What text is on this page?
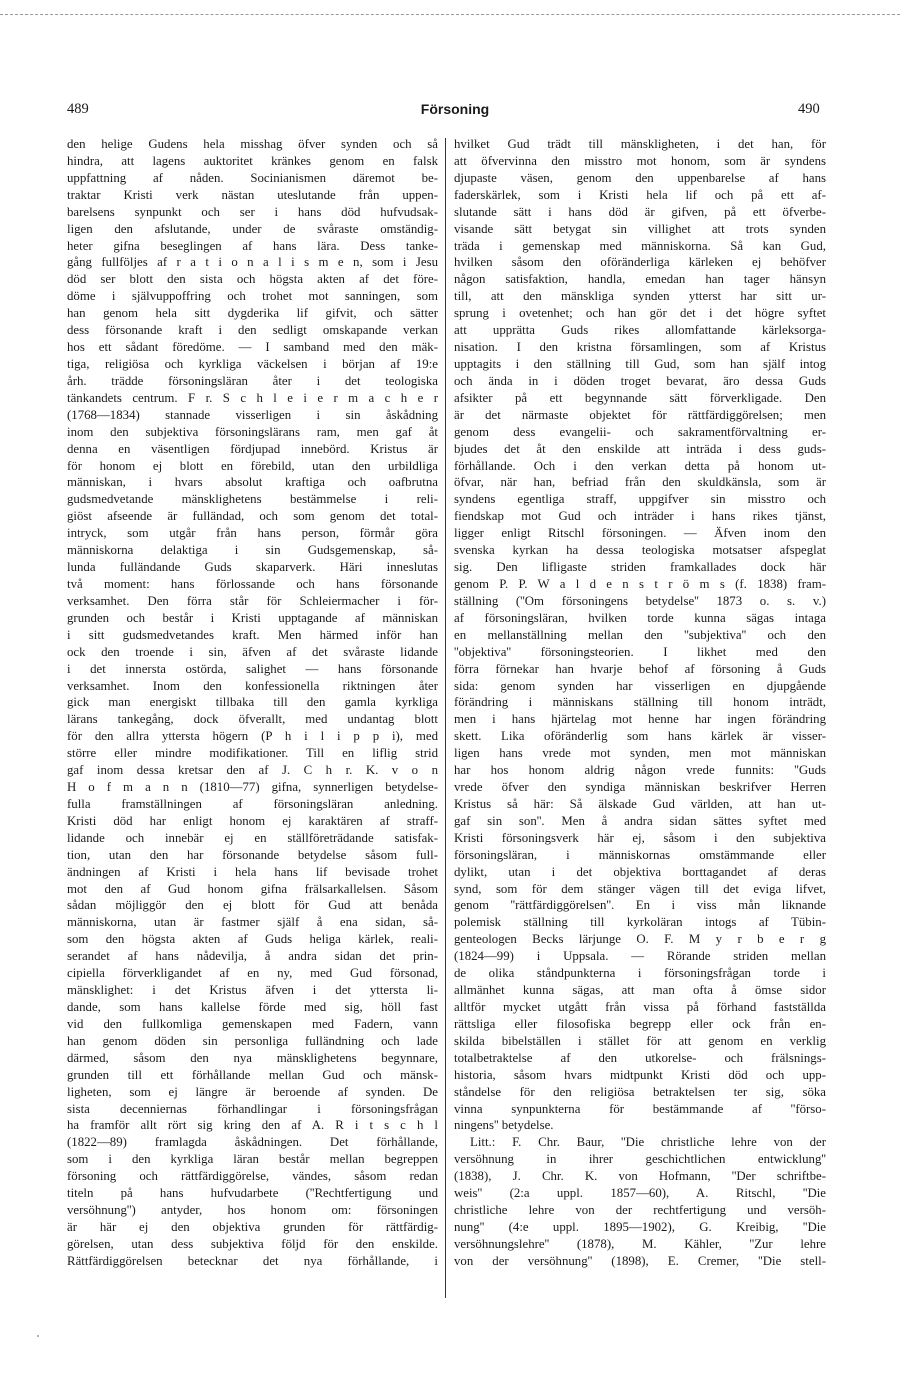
489	Försoning	490
den helige Gudens hela misshag öfver synden och så
hindra, att lagens auktoritet kränkes genom en falsk
uppfattning af nåden. Socinianismen däremot be-
traktar Kristi verk nästan uteslutande från uppen-
barelsens synpunkt och ser i hans död hufvudsak-
ligen den afslutande, under de svåraste omständig-
heter gifna beseglingen af hans lära. Dess tanke-
gång fullföljes af r a t i o n a l i s m e n, som i Jesu
död ser blott den sista och högsta akten af det före-
döme i självuppoffring och trohet mot sanningen, som
han genom hela sitt dygderika lif gifvit, och sätter
dess försonande kraft i den sedligt omskapande verkan
hos ett sådant föredöme. — I samband med den mäk-
tiga, religiösa och kyrkliga väckelsen i början af 19:e
årh. trädde försoningsläran åter i det teologiska
tänkandets centrum. F r. S c h l e i e r m a c h e r
(1768—1834) stannade visserligen i sin åskådning
inom den subjektiva försoningslärans ram, men gaf åt
denna en väsentligen fördjupad innebörd. Kristus är
för honom ej blott en förebild, utan den urbildliga
människan, i hvars absolut kraftiga och oafbrutna
gudsmedvetande mänsklighetens bestämmelse i reli-
giöst afseende är fulländad, och som genom det total-
intryck, som utgår från hans person, förmår göra
människorna delaktiga i sin Gudsgemenskap, så-
lunda fulländande Guds skaparverk. Häri inneslutas
två moment: hans förlossande och hans försonande
verksamhet. Den förra står för Schleiermacher i för-
grunden och består i Kristi upptagande af människan
i sitt gudsmedvetandes kraft. Men härmed inför han
ock den troende i sin, äfven af det svåraste lidande
i det innersta ostörda, salighet — hans försonande
verksamhet. Inom den konfessionella riktningen åter
gick man energiskt tillbaka till den gamla kyrkliga
lärans tankegång, dock öfverallt, med undantag blott
för den allra yttersta högern (P h i l i p p i), med
större eller mindre modifikationer. Till en liflig strid
gaf inom dessa kretsar den af J. C h r. K. v o n
H o f m a n n (1810—77) gifna, synnerligen betydelse-
fulla framställningen af försoningsläran anledning.
Kristi död har enligt honom ej karaktären af straff-
lidande och innebär ej en ställföreträdande satisfak-
tion, utan den har försonande betydelse såsom full-
ändningen af Kristi i hela hans lif bevisade trohet
mot den af Gud honom gifna frälsarkallelsen. Såsom
sådan möjliggör den ej blott för Gud att benåda
människorna, utan är fastmer själf å ena sidan, så-
som den högsta akten af Guds heliga kärlek, reali-
serandet af hans nådevilja, å andra sidan det prin-
cipiella förverkligandet af en ny, med Gud försonad,
mänsklighet: i det Kristus äfven i det yttersta li-
dande, som hans kallelse förde med sig, höll fast
vid den fullkomliga gemenskapen med Fadern, vann
han genom döden sin personliga fulländning och lade
därmed, såsom den nya mänsklighetens begynnare,
grunden till ett förhållande mellan Gud och mänsk-
ligheten, som ej längre är beroende af synden. De
sista decenniernas förhandlingar i försoningsfrågan
ha framför allt rört sig kring den af A. R i t s c h l
(1822—89) framlagda åskådningen. Det förhållande,
som i den kyrkliga läran består mellan begreppen
försoning och rättfärdiggörelse, vändes, såsom redan
titeln på hans hufvudarbete (''Rechtfertigung und
versöhnung'') antyder, hos honom om: försoningen
är här ej den objektiva grunden för rättfärdig-
görelsen, utan dess subjektiva följd för den enskilde.
Rättfärdiggörelsen betecknar det nya förhållande, i
hvilket Gud trädt till mänskligheten, i det han, för
att öfvervinna den misstro mot honom, som är syndens
djupaste väsen, genom den uppenbarelse af hans
faderskärlek, som i Kristi hela lif och på ett af-
slutande sätt i hans död är gifven, på ett öfverbe-
visande sätt betygat sin villighet att trots synden
träda i gemenskap med människorna. Så kan Gud,
hvilken såsom den oföränderliga kärleken ej behöfver
någon satisfaktion, handla, emedan han tager hänsyn
till, att den mänskliga synden ytterst har sitt ur-
sprung i ovetenhet; och han gör det i det högre syftet
att upprätta Guds rikes allomfattande kärleksorga-
nisation. I den kristna församlingen, som af Kristus
upptagits i den ställning till Gud, som han själf intog
och ända in i döden troget bevarat, äro dessa Guds
afsikter på ett begynnande sätt förverkligade. Den
är det närmaste objektet för rättfärdiggörelsen; men
genom dess evangelii- och sakramentförvaltning er-
bjudes det åt den enskilde att inträda i dess guds-
förhållande. Och i den verkan detta på honom ut-
öfvar, när han, befriad från den skuldkänsla, som är
syndens egentliga straff, uppgifver sin misstro och
fiendskap mot Gud och inträder i hans rikes tjänst,
ligger enligt Ritschl försoningen. — Äfven inom den
svenska kyrkan ha dessa teologiska motsatser afspeglat
sig. Den lifligaste striden framkallades dock här
genom P. P. W a l d e n s t r ö m s (f. 1838) fram-
ställning (''Om försoningens betydelse'' 1873 o. s. v.)
af försoningsläran, hvilken torde kunna sägas intaga
en mellanställning mellan den ''subjektiva'' och den
''objektiva'' försoningsteorien. I likhet med den
förra förnekar han hvarje behof af försoning å Guds
sida: genom synden har visserligen en djupgående
förändring i människans ställning till honom inträdt,
men i hans hjärtelag mot henne har ingen förändring
skett. Lika oföränderlig som hans kärlek är visser-
ligen hans vrede mot synden, men mot människan
har hos honom aldrig någon vrede funnits: ''Guds
vrede öfver den syndiga människan beskrifver Herren
Kristus så här: Så älskade Gud världen, att han ut-
gaf sin son''. Men å andra sidan sättes syftet med
Kristi försoningsverk här ej, såsom i den subjektiva
försoningsläran, i människornas omstämmande eller
dylikt, utan i det objektiva borttagandet af deras
synd, som för dem stänger vägen till det eviga lifvet,
genom ''rättfärdiggörelsen''. En i viss mån liknande
polemisk ställning till kyrkoläran intogs af Tübin-
genteologen Becks lärjunge O. F. M y r b e r g
(1824—99) i Uppsala. — Rörande striden mellan
de olika ståndpunkterna i försoningsfrågan torde i
allmänhet kunna sägas, att man ofta å ömse sidor
alltför mycket utgått från vissa på förhand fastställda
rättsliga eller filosofiska begrepp eller ock från en-
skilda bibelställen i stället för att genom en verklig
totalbetraktelse af den utkorelse- och frälsnings-
historia, såsom hvars midtpunkt Kristi död och upp-
ståndelse för den religiösa betraktelsen ter sig, söka
vinna synpunkterna för bestämmande af ''förso-
ningens'' betydelse.
Litt.: F. Chr. Baur, ''Die christliche lehre von der
versöhnung in ihrer geschichtlichen entwicklung''
(1838), J. Chr. K. von Hofmann, ''Der schriftbe-
weis'' (2:a uppl. 1857—60), A. Ritschl, ''Die
christliche lehre von der rechtfertigung und versöh-
nung'' (4:e uppl. 1895—1902), G. Kreibig, ''Die
versöhnungslehre'' (1878), M. Kähler, ''Zur lehre
von der versöhnung'' (1898), E. Cremer, ''Die stell-
